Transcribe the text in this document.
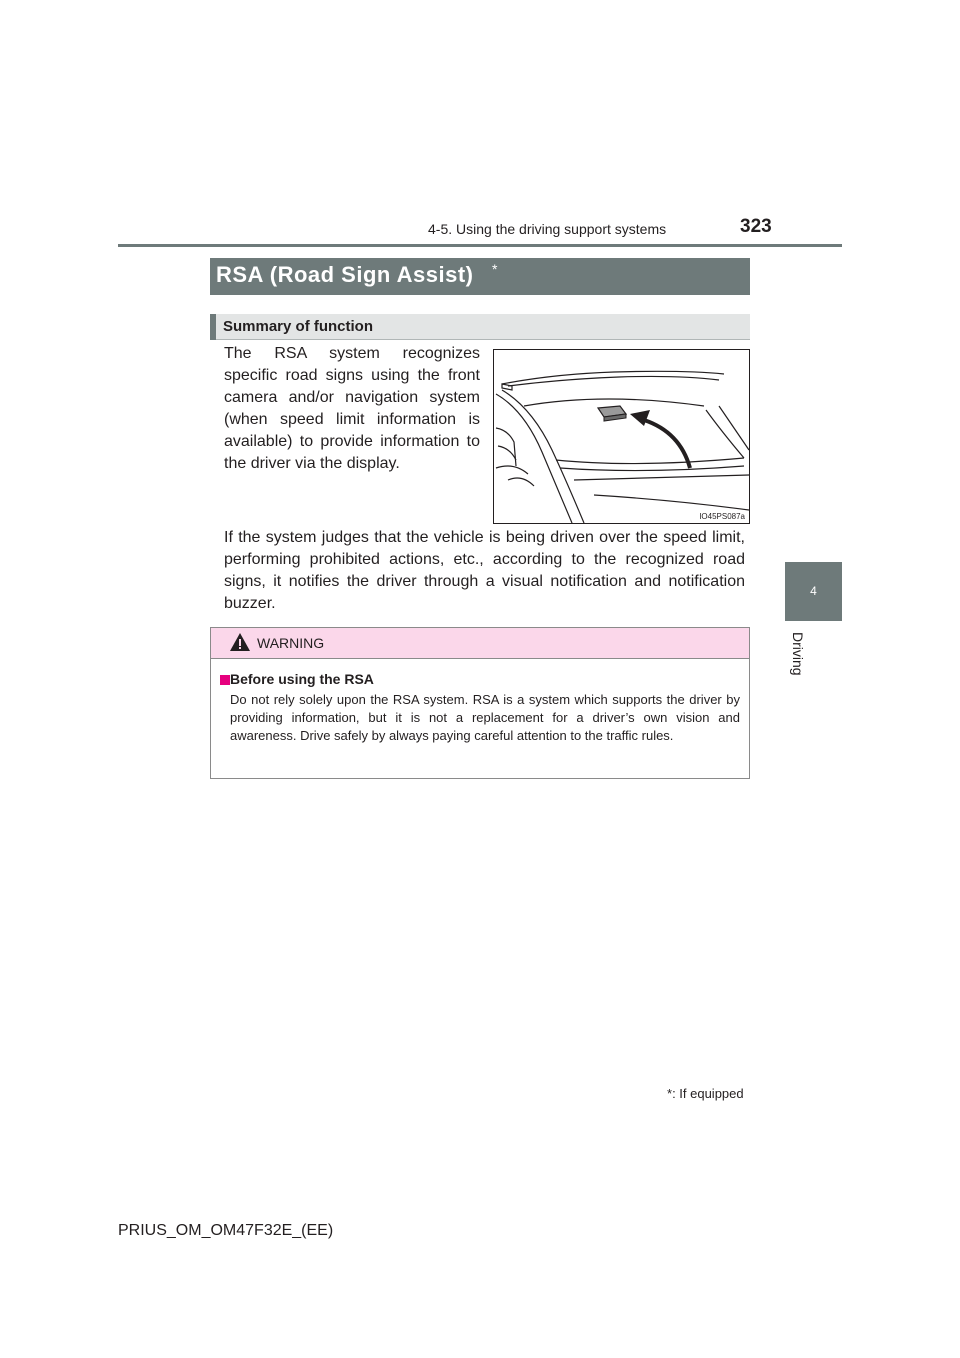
4-5. Using the driving support systems	323
4
Driving
RSA (Road Sign Assist) *
Summary of function

The RSA system recognizes specific road signs using the front camera and/or navigation system (when speed limit information is available) to provide information to the driver via the display.

IO45PS087a

If the system judges that the vehicle is being driven over the speed limit, performing prohibited actions, etc., according to the recognized road signs, it notifies the driver through a visual notification and notification buzzer.

WARNING
Before using the RSA
Do not rely solely upon the RSA system. RSA is a system which supports the driver by providing information, but it is not a replacement for a driver’s own vision and awareness. Drive safely by always paying careful attention to the traffic rules.
*: If equipped
PRIUS_OM_OM47F32E_(EE)
